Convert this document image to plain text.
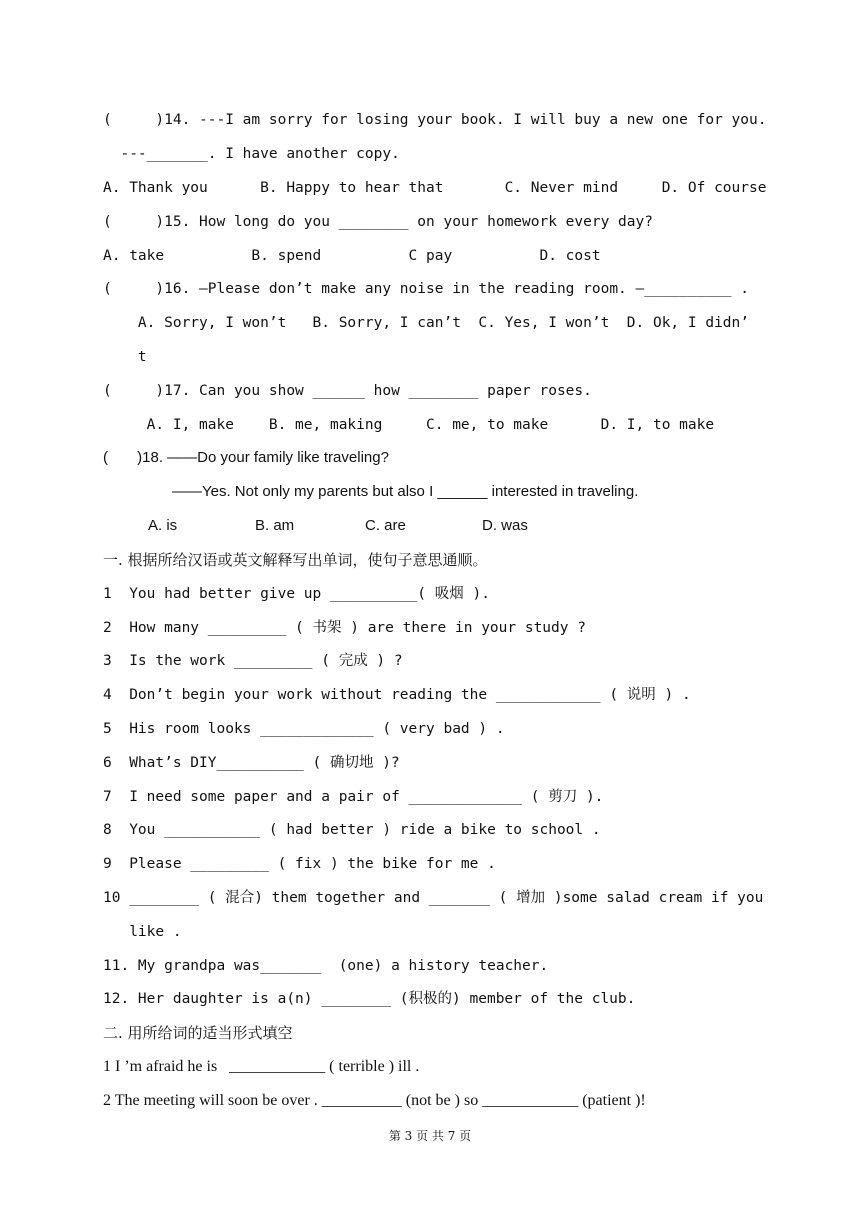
(     )14. ---I am sorry for losing your book. I will buy a new one for you.
---_______. I have another copy.
A. Thank you      B. Happy to hear that       C. Never mind     D. Of course
(     )15. How long do you ________ on your homework every day?
A. take          B. spend          C pay          D. cost
(     )16. —Please don’t make any noise in the reading room. —__________ .
A. Sorry, I won’t   B. Sorry, I can’t  C. Yes, I won’t  D. Ok, I didn’
t
(     )17. Can you show ______ how ________ paper roses.
A. I, make    B. me, making     C. me, to make      D. I, to make
(       )18. ——Do your family like traveling?
——Yes. Not only my parents but also I ______ interested in traveling.
A. is	B. am	C. are	D. was
一. 根据所给汉语或英文解释写出单词，使句子意思通顺。
1  You had better give up __________( 吸烟 ).
2  How many _________ ( 书架 ) are there in your study ?
3  Is the work _________ ( 完成 ) ?
4  Don’t begin your work without reading the ____________ ( 说明 ) .
5  His room looks _____________ ( very bad ) .
6  What’s DIY__________ ( 确切地 )?
7  I need some paper and a pair of _____________ ( 剪刀 ).
8  You ___________ ( had better ) ride a bike to school .
9  Please _________ ( fix ) the bike for me .
10 ________ ( 混合) them together and _______ ( 增加 )some salad cream if you
like .
11. My grandpa was_______  (one) a history teacher.
12. Her daughter is a(n) ________ (积极的) member of the club.
二. 用所给词的适当形式填空
1 I ’m afraid he is   ____________ ( terrible ) ill .
2 The meeting will soon be over . __________ (not be ) so ____________ (patient )!
第 3 页 共 7 页
